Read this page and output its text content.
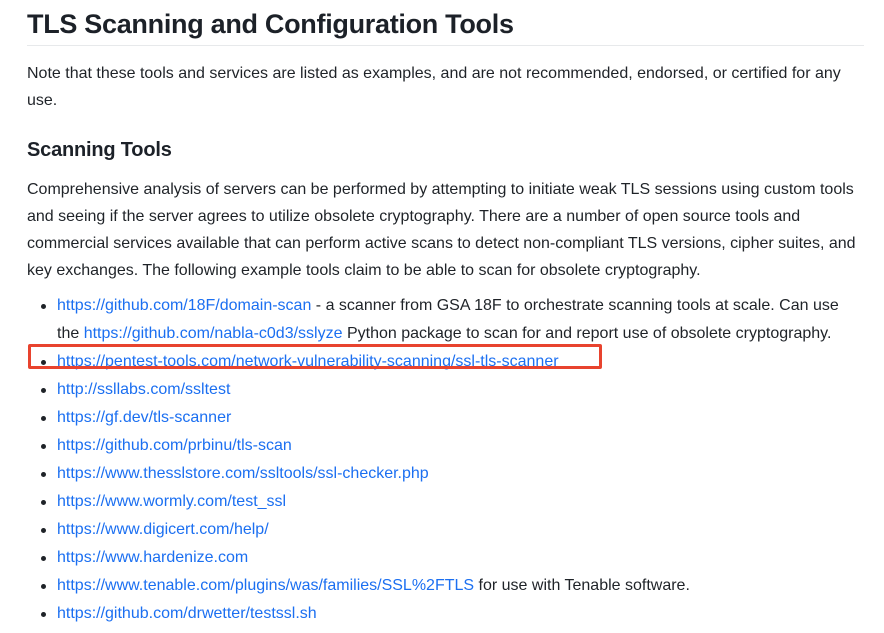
TLS Scanning and Configuration Tools

Note that these tools and services are listed as examples, and are not recommended, endorsed, or certified for any use.

Scanning Tools

Comprehensive analysis of servers can be performed by attempting to initiate weak TLS sessions using custom tools and seeing if the server agrees to utilize obsolete cryptography. There are a number of open source tools and commercial services available that can perform active scans to detect non-compliant TLS versions, cipher suites, and key exchanges. The following example tools claim to be able to scan for obsolete cryptography.

https://github.com/18F/domain-scan - a scanner from GSA 18F to orchestrate scanning tools at scale. Can use the https://github.com/nabla-c0d3/sslyze Python package to scan for and report use of obsolete cryptography.
https://pentest-tools.com/network-vulnerability-scanning/ssl-tls-scanner
http://ssllabs.com/ssltest
https://gf.dev/tls-scanner
https://github.com/prbinu/tls-scan
https://www.thesslstore.com/ssltools/ssl-checker.php
https://www.wormly.com/test_ssl
https://www.digicert.com/help/
https://www.hardenize.com
https://www.tenable.com/plugins/was/families/SSL%2FTLS for use with Tenable software.
https://github.com/drwetter/testssl.sh
